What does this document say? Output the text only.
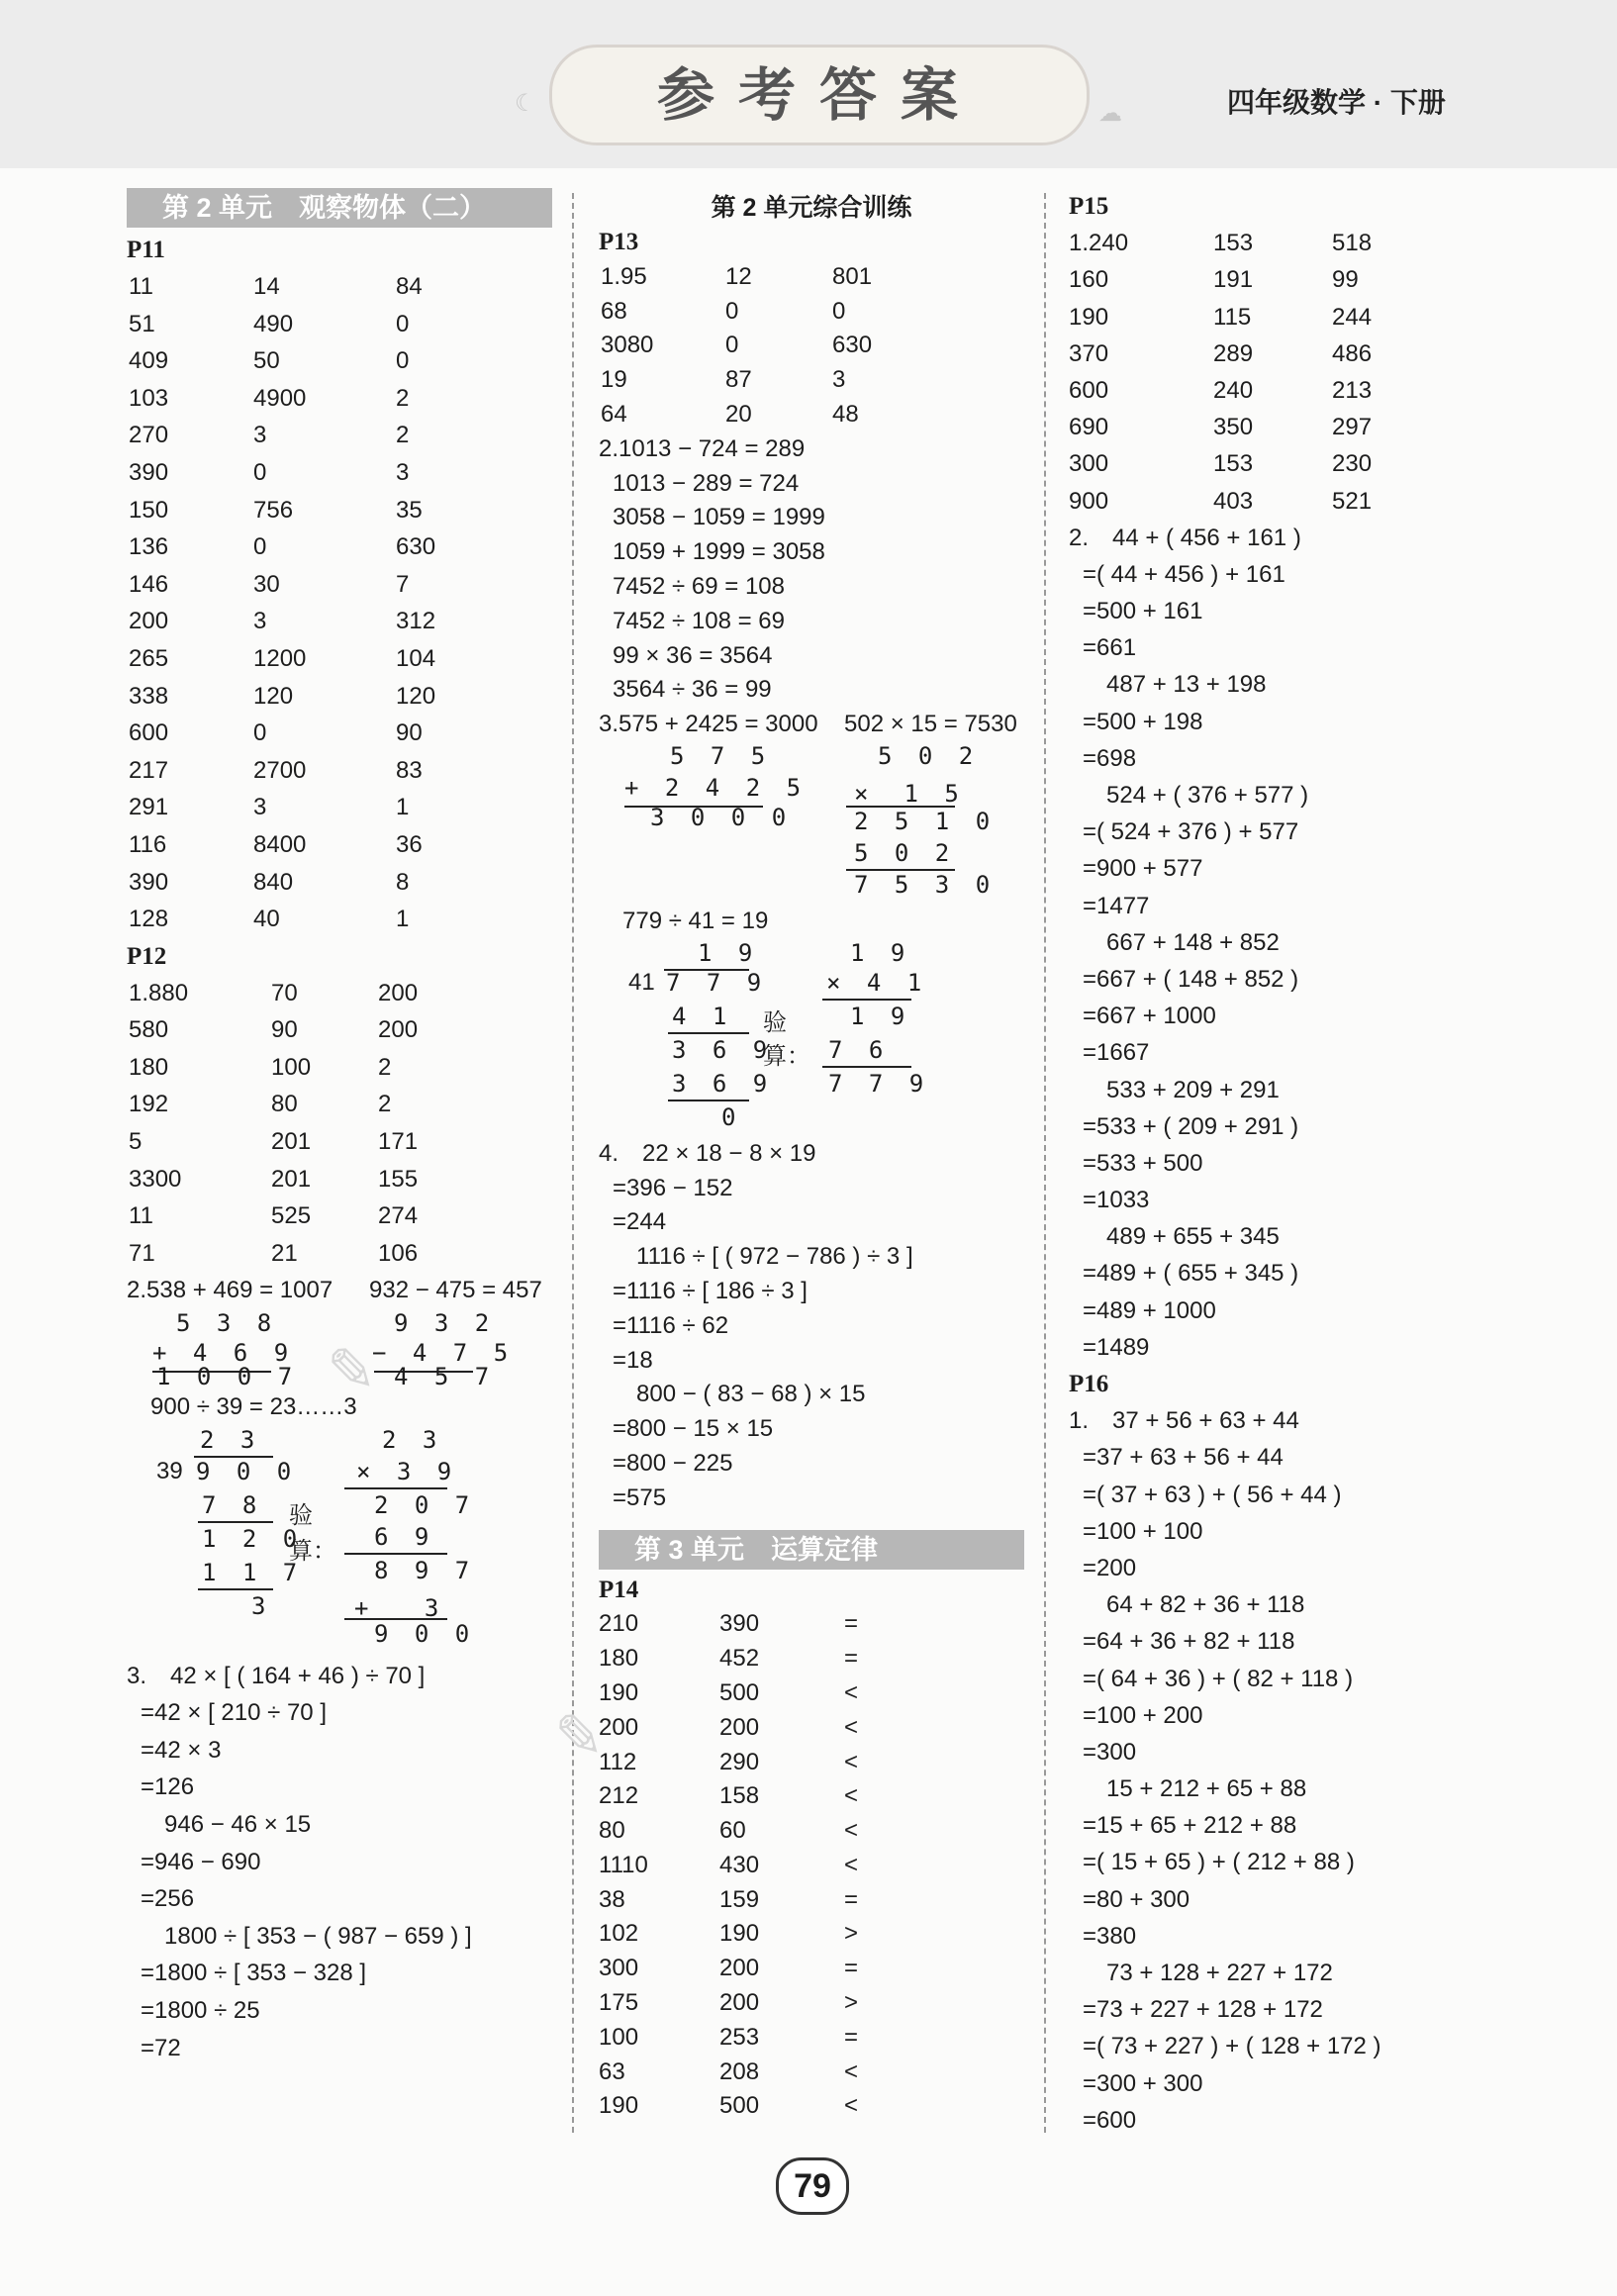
☾	☁
参考答案	四年级数学 · 下册
第 2 单元　观察物体（二）
P11
11	14	84
51	490	0
409	50	0
103	4900	2
270	3	2
390	0	3
150	756	35
136	0	630
146	30	7
200	3	312
265	1200	104
338	120	120
600	0	90
217	2700	83
291	3	1
116	8400	36
390	840	8
128	40	1
P12
1.880	70	200
580	90	200
180	100	2
192	80	2
5	201	171
3300	201	155
11	525	274
71	21	106
2.538 + 469 = 1007 932 − 475 = 457
5 3 8
+ 4 6 9
1 0 0 7
9 3 2
− 4 7 5
4 5 7
900 ÷ 39 = 23……3
2 3
39 9 0 0
7 8
1 2 0
1 1 7
3
验
算：
2 3
× 3 9
2 0 7
6 9
8 9 7
+　 3
9 0 0
3.　42 × [ ( 164 + 46 ) ÷ 70 ]
=42 × [ 210 ÷ 70 ]
=42 × 3
=126
　946 − 46 × 15
=946 − 690
=256
　1800 ÷ [ 353 − ( 987 − 659 ) ]
=1800 ÷ [ 353 − 328 ]
=1800 ÷ 25
=72
第 2 单元综合训练
P13
1.95	12	801
68	0	0
3080	0	630
19	87	3
64	20	48
2.1013 − 724 = 289
1013 − 289 = 724
3058 − 1059 = 1999
1059 + 1999 = 3058
7452 ÷ 69 = 108
7452 ÷ 108 = 69
99 × 36 = 3564
3564 ÷ 36 = 99
3.575 + 2425 = 3000 502 × 15 = 7530
5 7 5
+ 2 4 2 5
3 0 0 0
5 0 2
×　1 5
2 5 1 0
5 0 2
7 5 3 0
779 ÷ 41 = 19
1 9
41 7 7 9
4 1
3 6 9
3 6 9
0
验
算：
1 9
× 4 1
1 9
7 6
7 7 9
4.　22 × 18 − 8 × 19
=396 − 152
=244
　1116 ÷ [ ( 972 − 786 ) ÷ 3 ]
=1116 ÷ [ 186 ÷ 3 ]
=1116 ÷ 62
=18
　800 − ( 83 − 68 ) × 15
=800 − 15 × 15
=800 − 225
=575
第 3 单元　运算定律
P14
210	390	=
180	452	=
190	500	<
200	200	<
112	290	<
212	158	<
80	60	<
1110	430	<
38	159	=
102	190	>
300	200	=
175	200	>
100	253	=
63	208	<
190	500	<
P15
1.240	153	518
160	191	99
190	115	244
370	289	486
600	240	213
690	350	297
300	153	230
900	403	521
2.　44 + ( 456 + 161 )
=( 44 + 456 ) + 161
=500 + 161
=661
　487 + 13 + 198
=500 + 198
=698
　524 + ( 376 + 577 )
=( 524 + 376 ) + 577
=900 + 577
=1477
　667 + 148 + 852
=667 + ( 148 + 852 )
=667 + 1000
=1667
　533 + 209 + 291
=533 + ( 209 + 291 )
=533 + 500
=1033
　489 + 655 + 345
=489 + ( 655 + 345 )
=489 + 1000
=1489
P16
1.　37 + 56 + 63 + 44
=37 + 63 + 56 + 44
=( 37 + 63 ) + ( 56 + 44 )
=100 + 100
=200
　64 + 82 + 36 + 118
=64 + 36 + 82 + 118
=( 64 + 36 ) + ( 82 + 118 )
=100 + 200
=300
　15 + 212 + 65 + 88
=15 + 65 + 212 + 88
=( 15 + 65 ) + ( 212 + 88 )
=80 + 300
=380
　73 + 128 + 227 + 172
=73 + 227 + 128 + 172
=( 73 + 227 ) + ( 128 + 172 )
=300 + 300
=600
✎
✎
79
